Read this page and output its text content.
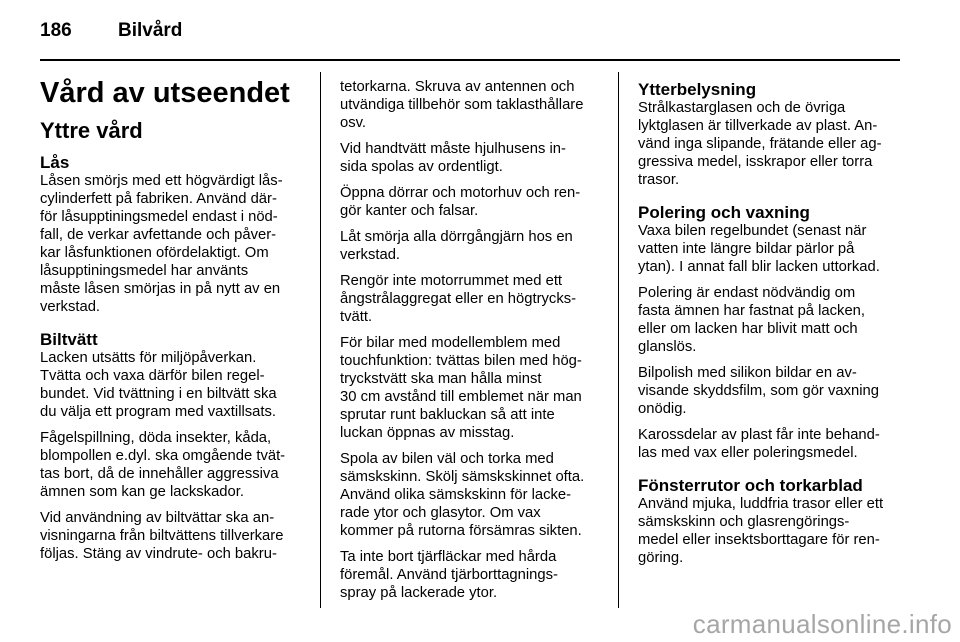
186 Bilvård
Vård av utseendet
Yttre vård
Lås

Låsen smörjs med ett högvärdigt lås-
cylinderfett på fabriken. Använd där-
för låsupptiningsmedel endast i nöd-
fall, de verkar avfettande och påver-
kar låsfunktionen ofördelaktigt. Om
låsupptiningsmedel har använts
måste låsen smörjas in på nytt av en
verkstad.

Biltvätt

Lacken utsätts för miljöpåverkan.
Tvätta och vaxa därför bilen regel-
bundet. Vid tvättning i en biltvätt ska
du välja ett program med vaxtillsats.

Fågelspillning, döda insekter, kåda,
blompollen e.dyl. ska omgående tvät-
tas bort, då de innehåller aggressiva
ämnen som kan ge lackskador.

Vid användning av biltvättar ska an-
visningarna från biltvättens tillverkare
följas. Stäng av vindrute- och bakru-

tetorkarna. Skruva av antennen och
utvändiga tillbehör som taklasthållare
osv.

Vid handtvätt måste hjulhusens in-
sida spolas av ordentligt.

Öppna dörrar och motorhuv och ren-
gör kanter och falsar.

Låt smörja alla dörrgångjärn hos en
verkstad.

Rengör inte motorrummet med ett
ångstrålaggregat eller en högtrycks-
tvätt.

För bilar med modellemblem med
touchfunktion: tvättas bilen med hög-
tryckstvätt ska man hålla minst
30 cm avstånd till emblemet när man
sprutar runt bakluckan så att inte
luckan öppnas av misstag.

Spola av bilen väl och torka med
sämskskinn. Skölj sämskskinnet ofta.
Använd olika sämskskinn för lacke-
rade ytor och glasytor. Om vax
kommer på rutorna försämras sikten.

Ta inte bort tjärfläckar med hårda
föremål. Använd tjärborttagnings-
spray på lackerade ytor.

Ytterbelysning

Strålkastarglasen och de övriga
lyktglasen är tillverkade av plast. An-
vänd inga slipande, frätande eller ag-
gressiva medel, isskrapor eller torra
trasor.

Polering och vaxning

Vaxa bilen regelbundet (senast när
vatten inte längre bildar pärlor på
ytan). I annat fall blir lacken uttorkad.

Polering är endast nödvändig om
fasta ämnen har fastnat på lacken,
eller om lacken har blivit matt och
glanslös.

Bilpolish med silikon bildar en av-
visande skyddsfilm, som gör vaxning
onödig.

Karossdelar av plast får inte behand-
las med vax eller poleringsmedel.

Fönsterrutor och torkarblad

Använd mjuka, luddfria trasor eller ett
sämskskinn och glasrengörings-
medel eller insektsborttagare för ren-
göring.

carmanualsonline.info
